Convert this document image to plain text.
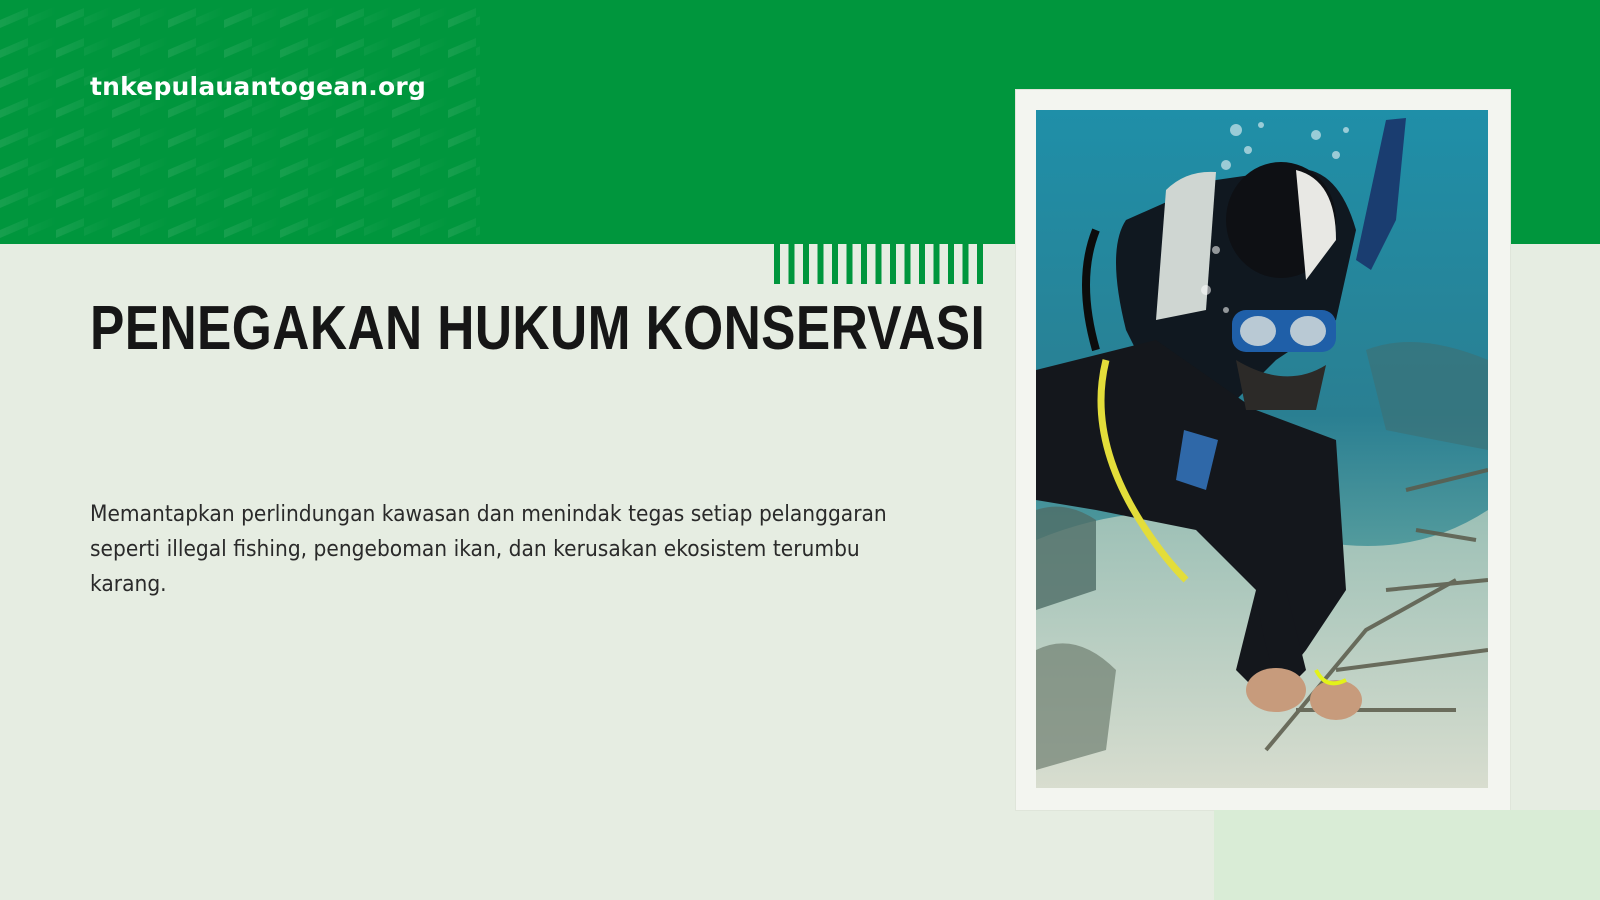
tnkepulauantogean.org
PENEGAKAN HUKUM KONSERVASI

Memantapkan perlindungan kawasan dan menindak tegas setiap pelanggaran seperti illegal fishing, pengeboman ikan, dan kerusakan ekosistem terumbu karang.
